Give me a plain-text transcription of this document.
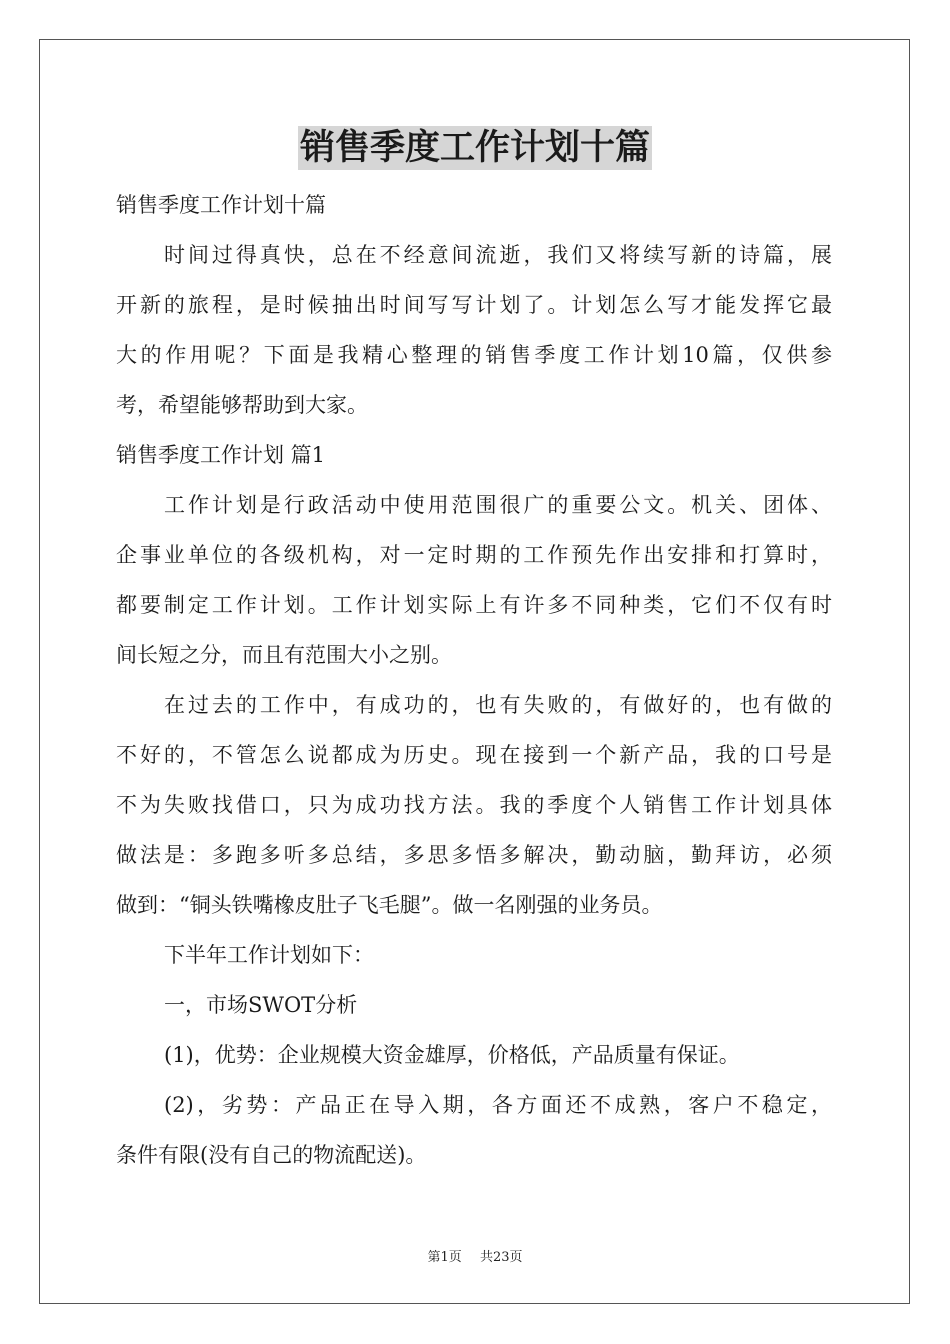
销售季度工作计划十篇
销售季度工作计划十篇
时间过得真快，总在不经意间流逝，我们又将续写新的诗篇，展
开新的旅程，是时候抽出时间写写计划了。计划怎么写才能发挥它最
大的作用呢？下面是我精心整理的销售季度工作计划10篇，仅供参
考，希望能够帮助到大家。
销售季度工作计划 篇1
工作计划是行政活动中使用范围很广的重要公文。机关、团体、
企事业单位的各级机构，对一定时期的工作预先作出安排和打算时，
都要制定工作计划。工作计划实际上有许多不同种类，它们不仅有时
间长短之分，而且有范围大小之别。
在过去的工作中，有成功的，也有失败的，有做好的，也有做的
不好的，不管怎么说都成为历史。现在接到一个新产品，我的口号是
不为失败找借口，只为成功找方法。我的季度个人销售工作计划具体
做法是：多跑多听多总结，多思多悟多解决，勤动脑，勤拜访，必须
做到：“铜头铁嘴橡皮肚子飞毛腿”。做一名刚强的业务员。
下半年工作计划如下：
一，市场SWOT分析
(1)，优势：企业规模大资金雄厚，价格低，产品质量有保证。
(2)，劣势：产品正在导入期，各方面还不成熟，客户不稳定，
条件有限(没有自己的物流配送)。
第1页 共23页
